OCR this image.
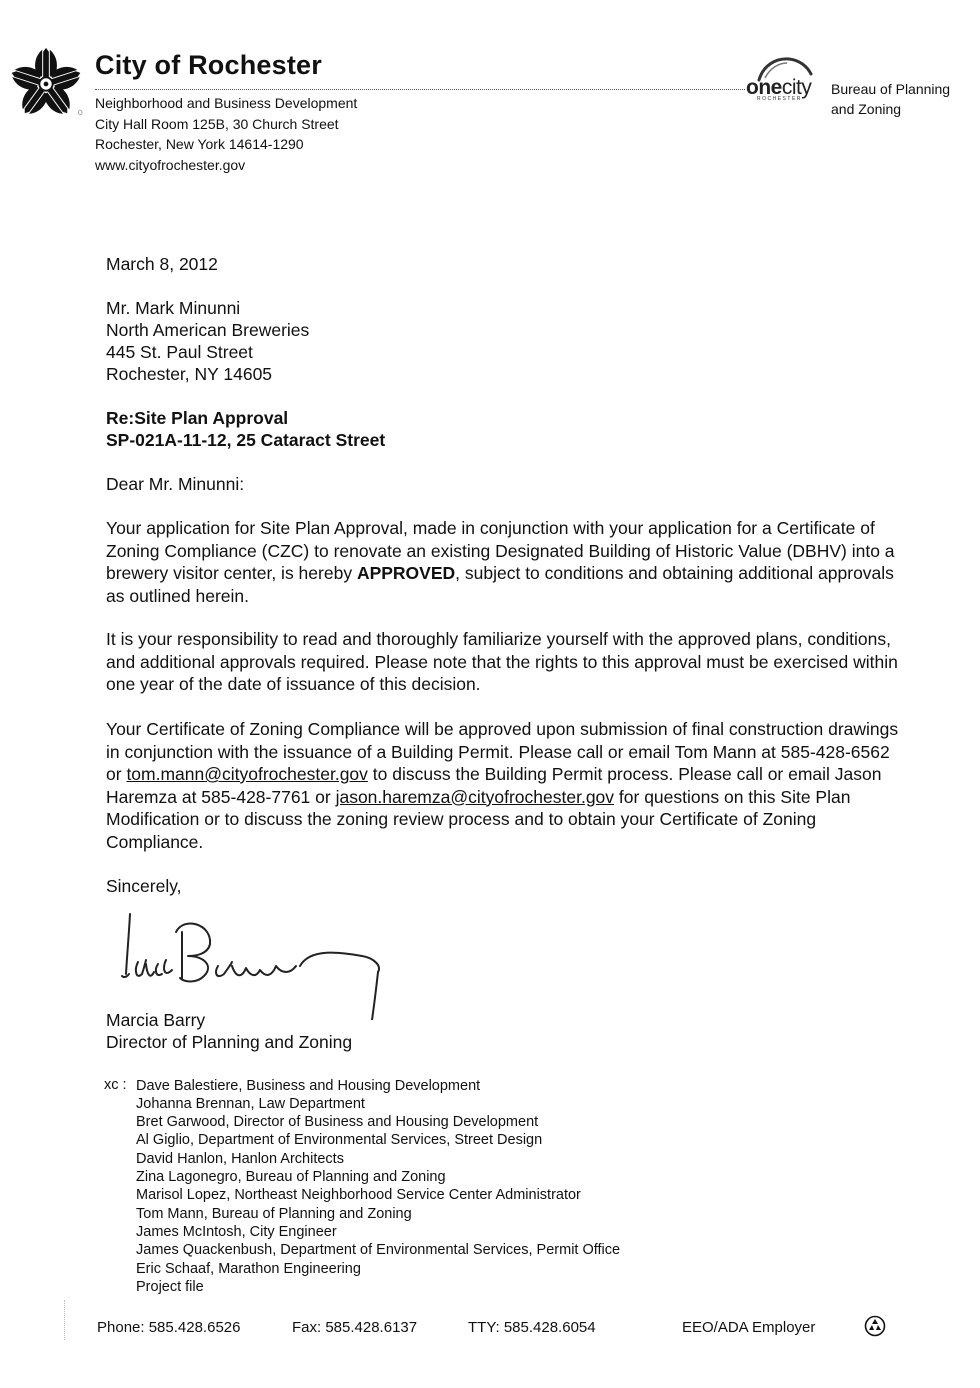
City of Rochester
Neighborhood and Business Development
City Hall Room 125B, 30 Church Street
Rochester, New York 14614-1290
www.cityofrochester.gov
onecity
ROCHESTER
Bureau of Planning
and Zoning
March 8, 2012
Mr. Mark Minunni
North American Breweries
445 St. Paul Street
Rochester, NY 14605
Re:Site Plan Approval
SP-021A-11-12, 25 Cataract Street
Dear Mr. Minunni:
Your application for Site Plan Approval, made in conjunction with your application for a Certificate of Zoning Compliance (CZC) to renovate an existing Designated Building of Historic Value (DBHV) into a brewery visitor center, is hereby APPROVED, subject to conditions and obtaining additional approvals as outlined herein.
It is your responsibility to read and thoroughly familiarize yourself with the approved plans, conditions, and additional approvals required. Please note that the rights to this approval must be exercised within one year of the date of issuance of this decision.
Your Certificate of Zoning Compliance will be approved upon submission of final construction drawings in conjunction with the issuance of a Building Permit. Please call or email Tom Mann at 585-428-6562 or tom.mann@cityofrochester.gov to discuss the Building Permit process. Please call or email Jason Haremza at 585-428-7761 or jason.haremza@cityofrochester.gov for questions on this Site Plan Modification or to discuss the zoning review process and to obtain your Certificate of Zoning Compliance.
Sincerely,
Marcia Barry
Director of Planning and Zoning
xc : Dave Balestiere, Business and Housing Development
Johanna Brennan, Law Department
Bret Garwood, Director of Business and Housing Development
Al Giglio, Department of Environmental Services, Street Design
David Hanlon, Hanlon Architects
Zina Lagonegro, Bureau of Planning and Zoning
Marisol Lopez, Northeast Neighborhood Service Center Administrator
Tom Mann, Bureau of Planning and Zoning
James McIntosh, City Engineer
James Quackenbush, Department of Environmental Services, Permit Office
Eric Schaaf, Marathon Engineering
Project file
Phone: 585.428.6526	Fax: 585.428.6137	TTY: 585.428.6054	EEO/ADA Employer
